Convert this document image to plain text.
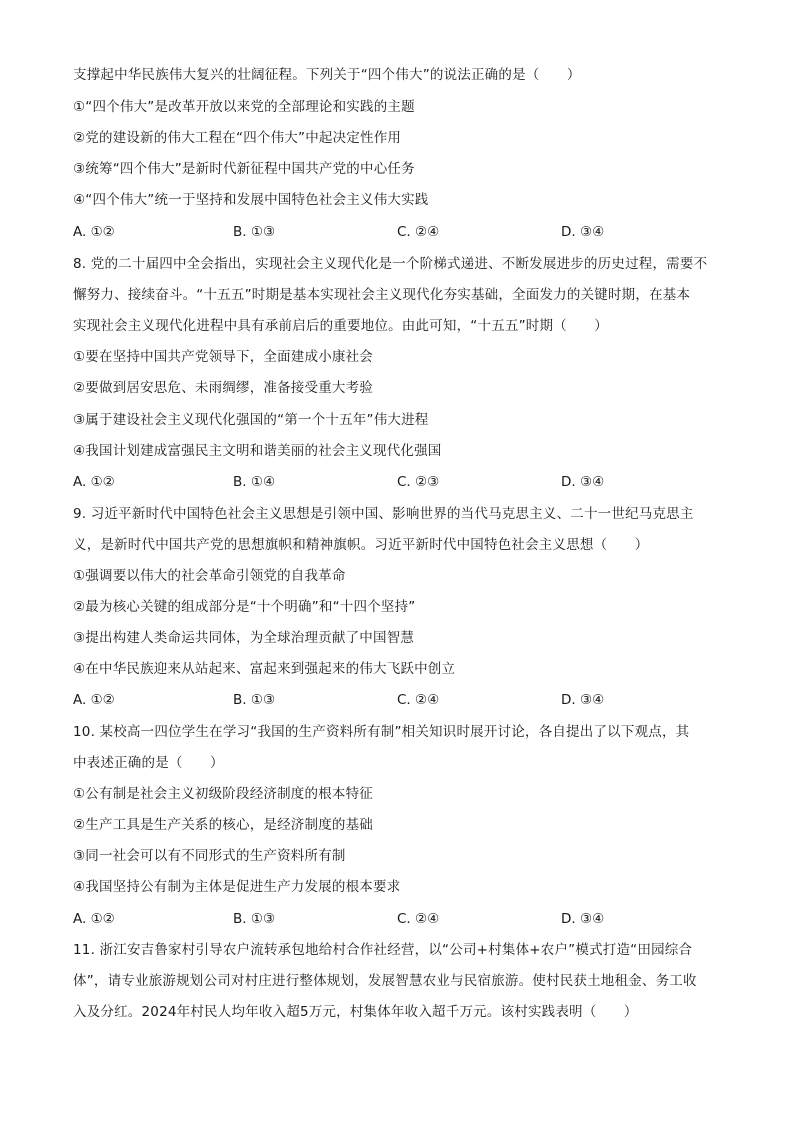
支撑起中华民族伟大复兴的壮阔征程。下列关于“四个伟大”的说法正确的是（　　）
①“四个伟大”是改革开放以来党的全部理论和实践的主题
②党的建设新的伟大工程在“四个伟大”中起决定性作用
③统筹“四个伟大”是新时代新征程中国共产党的中心任务
④“四个伟大”统一于坚持和发展中国特色社会主义伟大实践
A. ①②	B. ①③	C. ②④	D. ③④
8. 党的二十届四中全会指出，实现社会主义现代化是一个阶梯式递进、不断发展进步的历史过程，需要不
懈努力、接续奋斗。“十五五”时期是基本实现社会主义现代化夯实基础，全面发力的关键时期，在基本
实现社会主义现代化进程中具有承前启后的重要地位。由此可知，“十五五”时期（　　）
①要在坚持中国共产党领导下，全面建成小康社会
②要做到居安思危、未雨绸缪，准备接受重大考验
③属于建设社会主义现代化强国的“第一个十五年”伟大进程
④我国计划建成富强民主文明和谐美丽的社会主义现代化强国
A. ①②	B. ①④	C. ②③	D. ③④
9. 习近平新时代中国特色社会主义思想是引领中国、影响世界的当代马克思主义、二十一世纪马克思主
义，是新时代中国共产党的思想旗帜和精神旗帜。习近平新时代中国特色社会主义思想（　　）
①强调要以伟大的社会革命引领党的自我革命
②最为核心关键的组成部分是“十个明确”和“十四个坚持”
③提出构建人类命运共同体，为全球治理贡献了中国智慧
④在中华民族迎来从站起来、富起来到强起来的伟大飞跃中创立
A. ①②	B. ①③	C. ②④	D. ③④
10. 某校高一四位学生在学习“我国的生产资料所有制”相关知识时展开讨论，各自提出了以下观点，其
中表述正确的是（　　）
①公有制是社会主义初级阶段经济制度的根本特征
②生产工具是生产关系的核心，是经济制度的基础
③同一社会可以有不同形式的生产资料所有制
④我国坚持公有制为主体是促进生产力发展的根本要求
A. ①②	B. ①③	C. ②④	D. ③④
11. 浙江安吉鲁家村引导农户流转承包地给村合作社经营，以“公司+村集体+农户”模式打造“田园综合
体”，请专业旅游规划公司对村庄进行整体规划，发展智慧农业与民宿旅游。使村民获土地租金、务工收
入及分红。2024年村民人均年收入超5万元，村集体年收入超千万元。该村实践表明（　　）
